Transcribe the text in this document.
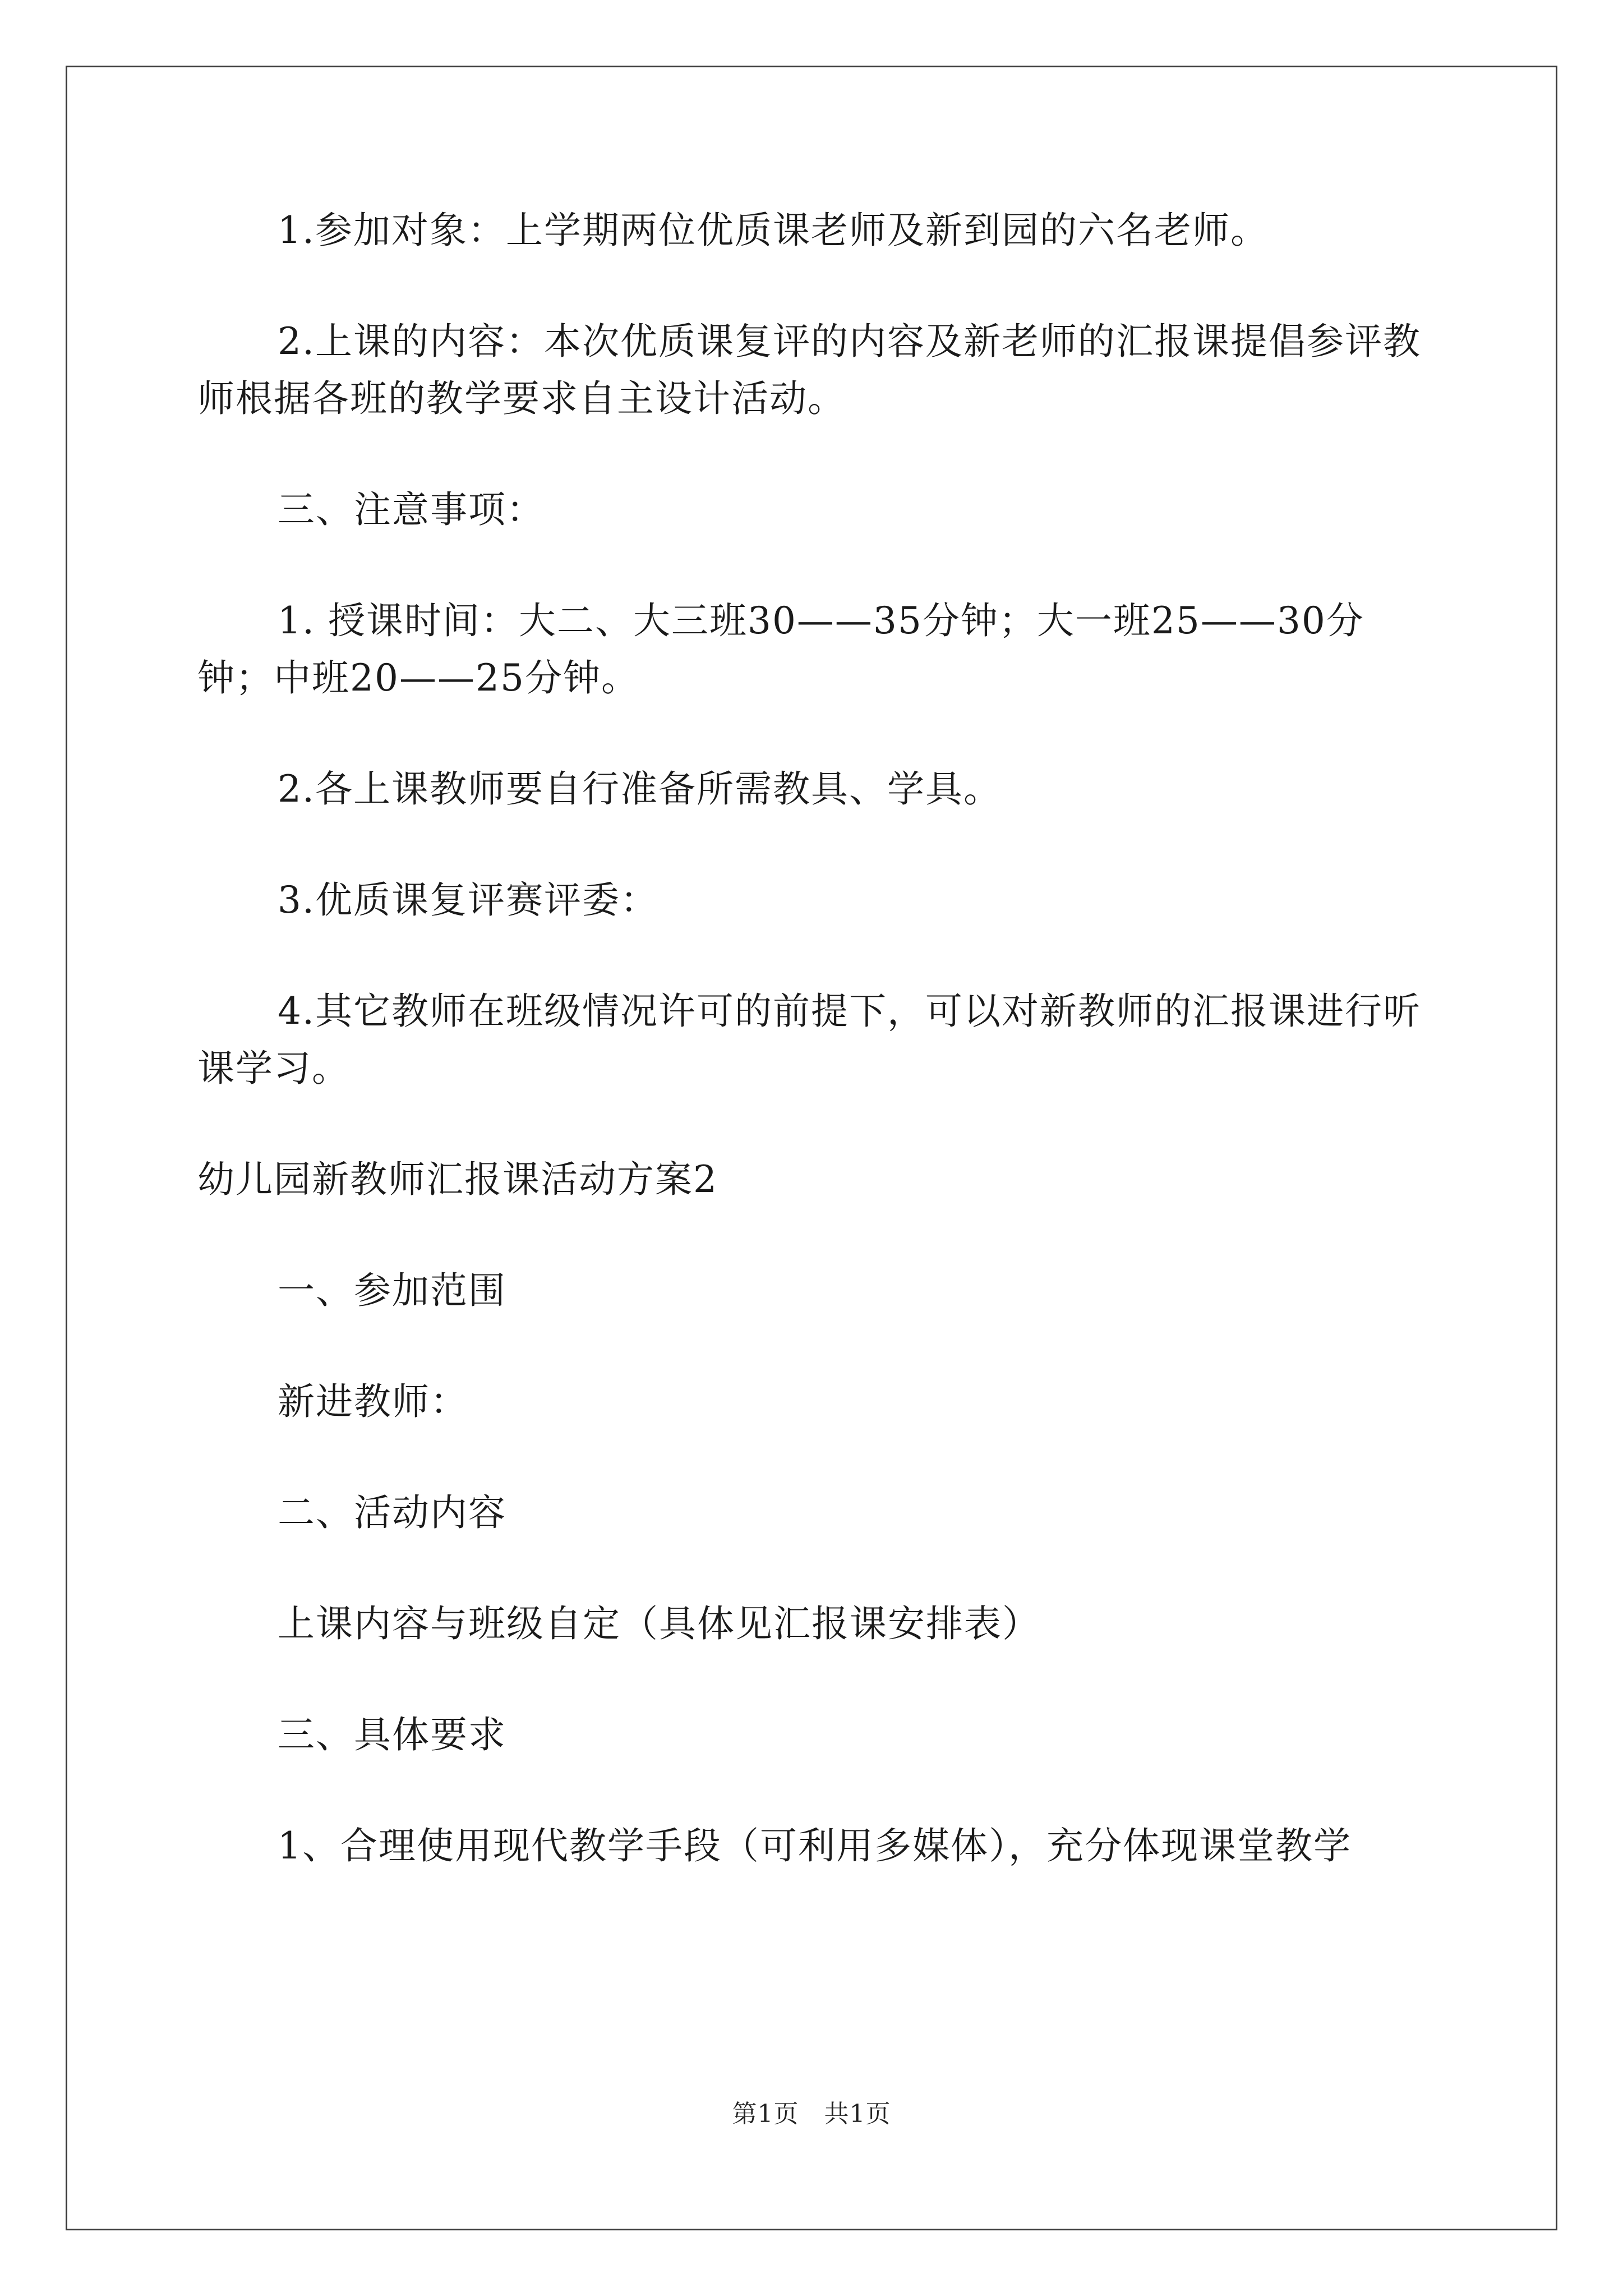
1.参加对象：上学期两位优质课老师及新到园的六名老师。

2.上课的内容：本次优质课复评的内容及新老师的汇报课提倡参评教师根据各班的教学要求自主设计活动。

三、注意事项：

1. 授课时间：大二、大三班30——35分钟；大一班25——30分钟；中班20——25分钟。

2.各上课教师要自行准备所需教具、学具。

3.优质课复评赛评委：

4.其它教师在班级情况许可的前提下，可以对新教师的汇报课进行听课学习。

幼儿园新教师汇报课活动方案2

一、参加范围

新进教师：

二、活动内容

上课内容与班级自定（具体见汇报课安排表）

三、具体要求

1、合理使用现代教学手段（可利用多媒体），充分体现课堂教学

第1页　共1页
